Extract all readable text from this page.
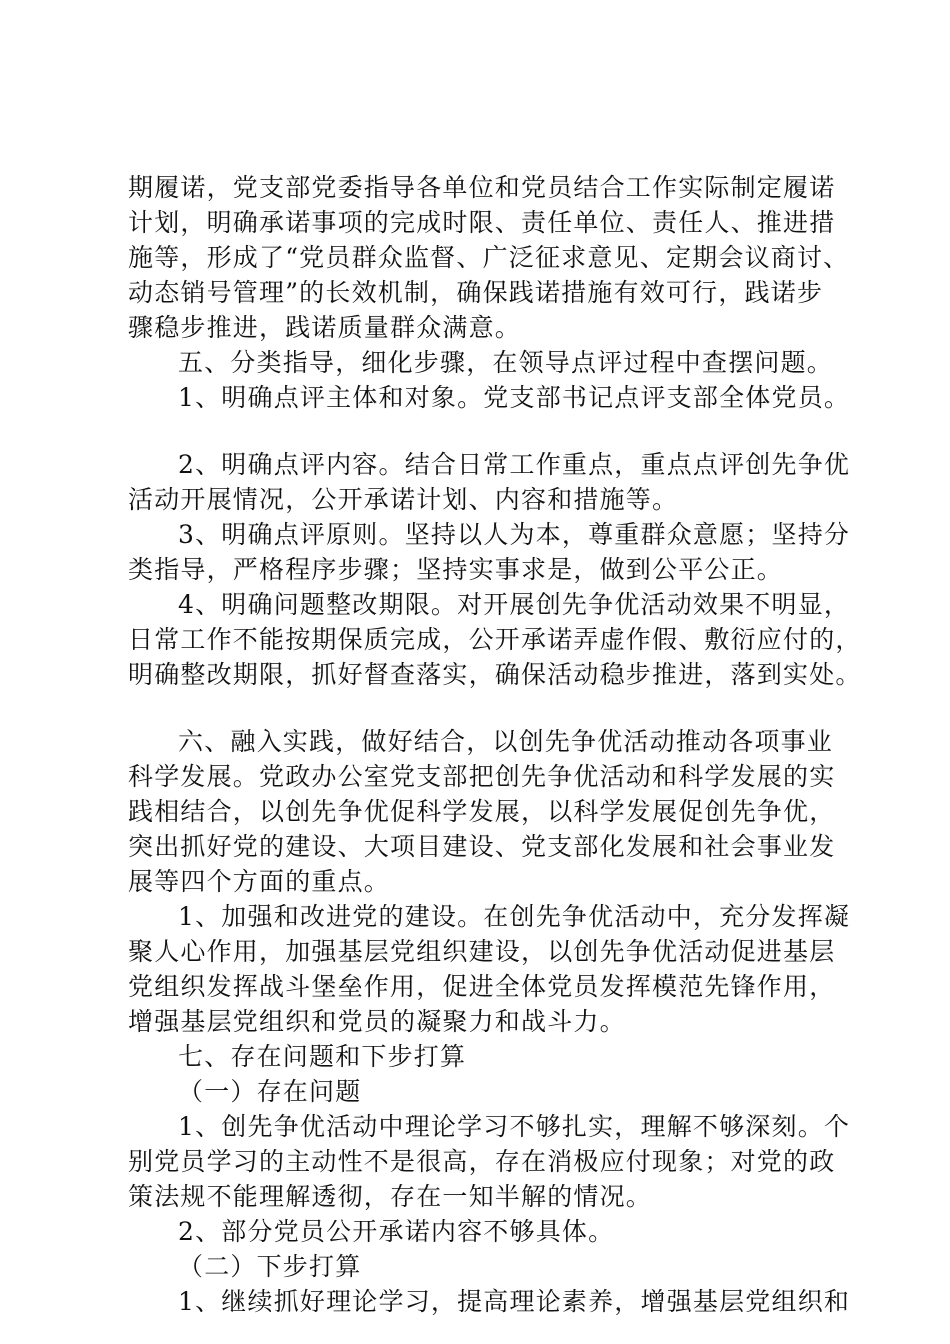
期履诺，党支部党委指导各单位和党员结合工作实际制定履诺

计划，明确承诺事项的完成时限、责任单位、责任人、推进措

施等，形成了“党员群众监督、广泛征求意见、定期会议商讨、

动态销号管理”的长效机制，确保践诺措施有效可行，践诺步

骤稳步推进，践诺质量群众满意。

五、分类指导，细化步骤，在领导点评过程中查摆问题。

1、明确点评主体和对象。党支部书记点评支部全体党员。

2、明确点评内容。结合日常工作重点，重点点评创先争优

活动开展情况，公开承诺计划、内容和措施等。

3、明确点评原则。坚持以人为本，尊重群众意愿；坚持分

类指导，严格程序步骤；坚持实事求是，做到公平公正。

4、明确问题整改期限。对开展创先争优活动效果不明显，

日常工作不能按期保质完成，公开承诺弄虚作假、敷衍应付的，

明确整改期限，抓好督查落实，确保活动稳步推进，落到实处。

六、融入实践，做好结合，以创先争优活动推动各项事业

科学发展。党政办公室党支部把创先争优活动和科学发展的实

践相结合，以创先争优促科学发展，以科学发展促创先争优，

突出抓好党的建设、大项目建设、党支部化发展和社会事业发

展等四个方面的重点。

1、加强和改进党的建设。在创先争优活动中，充分发挥凝

聚人心作用，加强基层党组织建设，以创先争优活动促进基层

党组织发挥战斗堡垒作用，促进全体党员发挥模范先锋作用，

增强基层党组织和党员的凝聚力和战斗力。

七、存在问题和下步打算

（一）存在问题

1、创先争优活动中理论学习不够扎实，理解不够深刻。个

别党员学习的主动性不是很高，存在消极应付现象；对党的政

策法规不能理解透彻，存在一知半解的情况。

2、部分党员公开承诺内容不够具体。

（二）下步打算

1、继续抓好理论学习，提高理论素养，增强基层党组织和
